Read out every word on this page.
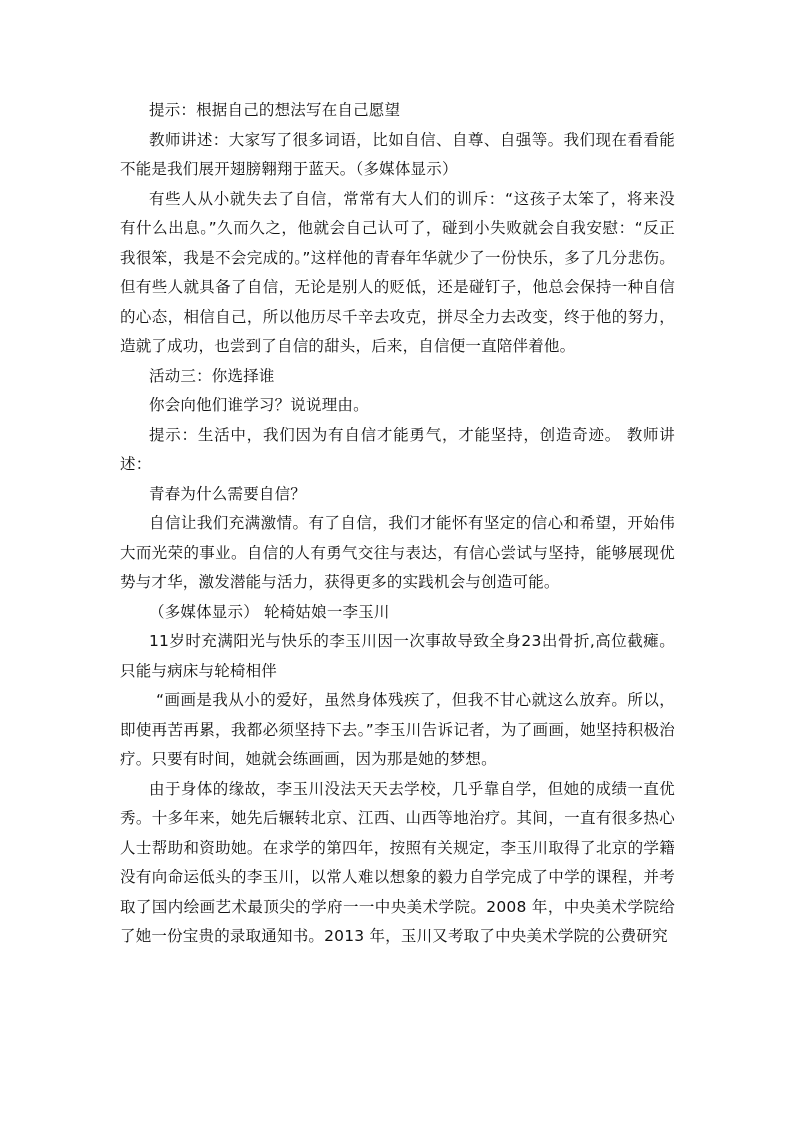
提示：根据自己的想法写在自己愿望

教师讲述：大家写了很多词语，比如自信、自尊、自强等。我们现在看看能不能是我们展开翅膀翱翔于蓝天。（多媒体显示）

有些人从小就失去了自信，常常有大人们的训斥：“这孩子太笨了，将来没有什么出息。”久而久之，他就会自己认可了，碰到小失败就会自我安慰：“反正我很笨，我是不会完成的。”这样他的青春年华就少了一份快乐，多了几分悲伤。但有些人就具备了自信，无论是别人的贬低，还是碰钉子，他总会保持一种自信的心态，相信自己，所以他历尽千辛去攻克，拼尽全力去改变，终于他的努力，造就了成功，也尝到了自信的甜头，后来，自信便一直陪伴着他。

活动三：你选择谁

你会向他们谁学习？说说理由。

提示：生活中，我们因为有自信才能勇气，才能坚持，创造奇迹。 教师讲述：

青春为什么需要自信？

自信让我们充满激情。有了自信，我们才能怀有坚定的信心和希望，开始伟大而光荣的事业。自信的人有勇气交往与表达，有信心尝试与坚持，能够展现优势与才华，激发潜能与活力，获得更多的实践机会与创造可能。

（多媒体显示） 轮椅姑娘一李玉川

11岁时充满阳光与快乐的李玉川因一次事故导致全身23出骨折,高位截瘫。只能与病床与轮椅相伴

“画画是我从小的爱好，虽然身体残疾了，但我不甘心就这么放弃。所以，即使再苦再累，我都必须坚持下去。”李玉川告诉记者，为了画画，她坚持积极治疗。只要有时间，她就会练画画，因为那是她的梦想。

由于身体的缘故，李玉川没法天天去学校，几乎靠自学，但她的成绩一直优秀。十多年来，她先后辗转北京、江西、山西等地治疗。其间，一直有很多热心人士帮助和资助她。在求学的第四年，按照有关规定，李玉川取得了北京的学籍没有向命运低头的李玉川，以常人难以想象的毅力自学完成了中学的课程，并考取了国内绘画艺术最顶尖的学府一一中央美术学院。2008 年，中央美术学院给了她一份宝贵的录取通知书。2013 年，玉川又考取了中央美术学院的公费研究
